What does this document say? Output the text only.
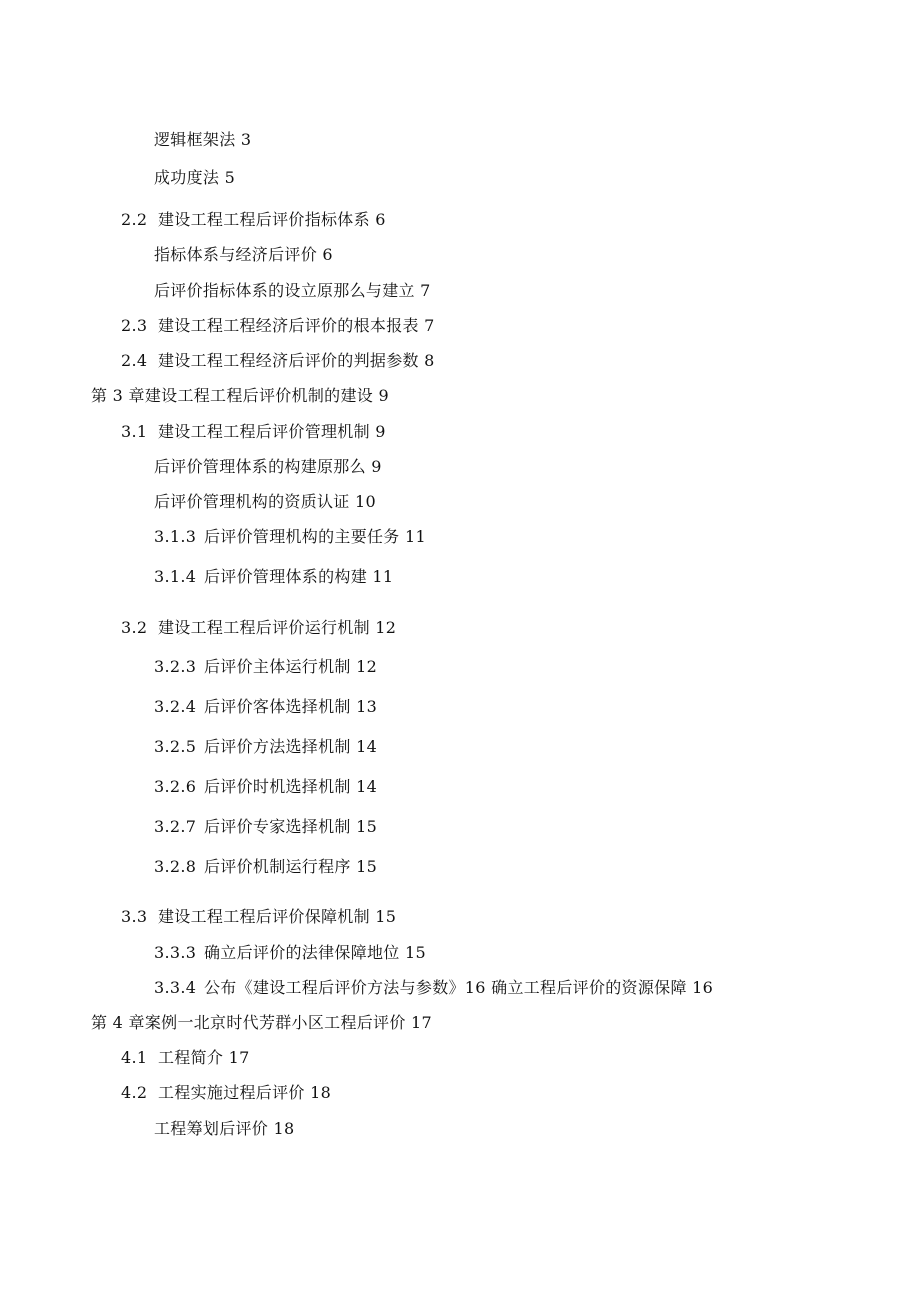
逻辑框架法 3
成功度法 5
2.2 建设工程工程后评价指标体系 6
指标体系与经济后评价 6
后评价指标体系的设立原那么与建立 7
2.3 建设工程工程经济后评价的根本报表 7
2.4 建设工程工程经济后评价的判据参数 8
第 3 章建设工程工程后评价机制的建设 9
3.1 建设工程工程后评价管理机制 9
后评价管理体系的构建原那么 9
后评价管理机构的资质认证 10
3.1.3 后评价管理机构的主要任务 11
3.1.4 后评价管理体系的构建 11
3.2 建设工程工程后评价运行机制 12
3.2.3 后评价主体运行机制 12
3.2.4 后评价客体选择机制 13
3.2.5 后评价方法选择机制 14
3.2.6 后评价时机选择机制 14
3.2.7 后评价专家选择机制 15
3.2.8 后评价机制运行程序 15
3.3 建设工程工程后评价保障机制 15
3.3.3 确立后评价的法律保障地位 15
3.3.4 公布《建设工程后评价方法与参数》16 确立工程后评价的资源保障 16
第 4 章案例一北京时代芳群小区工程后评价 17
4.1 工程简介 17
4.2 工程实施过程后评价 18
工程筹划后评价 18
